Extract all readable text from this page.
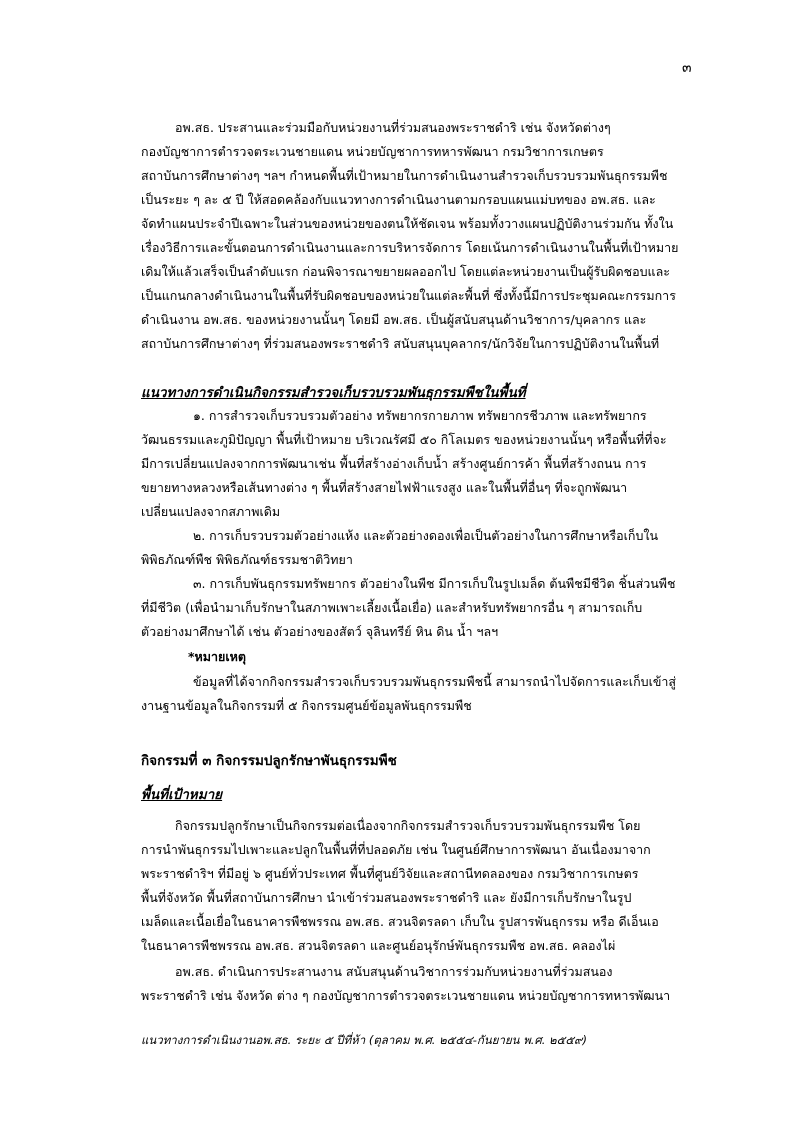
๓
อพ.สธ. ประสานและร่วมมือกับหน่วยงานที่ร่วมสนองพระราชดำริ เช่น จังหวัดต่างๆ
กองบัญชาการตำรวจตระเวนชายแดน หน่วยบัญชาการทหารพัฒนา กรมวิชาการเกษตร
สถาบันการศึกษาต่างๆ ฯลฯ กำหนดพื้นที่เป้าหมายในการดำเนินงานสำรวจเก็บรวบรวมพันธุกรรมพืช
เป็นระยะ ๆ ละ ๕ ปี ให้สอดคล้องกับแนวทางการดำเนินงานตามกรอบแผนแม่บทของ อพ.สธ. และ
จัดทำแผนประจำปีเฉพาะในส่วนของหน่วยของตนให้ชัดเจน พร้อมทั้งวางแผนปฏิบัติงานร่วมกัน ทั้งใน
เรื่องวิธีการและขั้นตอนการดำเนินงานและการบริหารจัดการ โดยเน้นการดำเนินงานในพื้นที่เป้าหมาย
เดิมให้แล้วเสร็จเป็นลำดับแรก ก่อนพิจารณาขยายผลออกไป โดยแต่ละหน่วยงานเป็นผู้รับผิดชอบและ
เป็นแกนกลางดำเนินงานในพื้นที่รับผิดชอบของหน่วยในแต่ละพื้นที่ ซึ่งทั้งนี้มีการประชุมคณะกรรมการ
ดำเนินงาน อพ.สธ. ของหน่วยงานนั้นๆ โดยมี อพ.สธ. เป็นผู้สนับสนุนด้านวิชาการ/บุคลากร และ
สถาบันการศึกษาต่างๆ ที่ร่วมสนองพระราชดำริ สนับสนุนบุคลากร/นักวิจัยในการปฏิบัติงานในพื้นที่
แนวทางการดำเนินกิจกรรมสำรวจเก็บรวบรวมพันธุกรรมพืชในพื้นที่
๑. การสำรวจเก็บรวบรวมตัวอย่าง ทรัพยากรกายภาพ ทรัพยากรชีวภาพ และทรัพยากร
วัฒนธรรมและภูมิปัญญา พื้นที่เป้าหมาย บริเวณรัศมี ๕๐ กิโลเมตร ของหน่วยงานนั้นๆ หรือพื้นที่ที่จะ
มีการเปลี่ยนแปลงจากการพัฒนาเช่น พื้นที่สร้างอ่างเก็บน้ำ สร้างศูนย์การค้า พื้นที่สร้างถนน การ
ขยายทางหลวงหรือเส้นทางต่าง ๆ พื้นที่สร้างสายไฟฟ้าแรงสูง และในพื้นที่อื่นๆ ที่จะถูกพัฒนา
เปลี่ยนแปลงจากสภาพเดิม
๒. การเก็บรวบรวมตัวอย่างแห้ง และตัวอย่างดองเพื่อเป็นตัวอย่างในการศึกษาหรือเก็บใน
พิพิธภัณฑ์พืช พิพิธภัณฑ์ธรรมชาติวิทยา
๓. การเก็บพันธุกรรมทรัพยากร ตัวอย่างในพืช มีการเก็บในรูปเมล็ด ต้นพืชมีชีวิต ชิ้นส่วนพืช
ที่มีชีวิต (เพื่อนำมาเก็บรักษาในสภาพเพาะเลี้ยงเนื้อเยื่อ) และสำหรับทรัพยากรอื่น ๆ สามารถเก็บ
ตัวอย่างมาศึกษาได้ เช่น ตัวอย่างของสัตว์ จุลินทรีย์ หิน ดิน น้ำ ฯลฯ
*หมายเหตุ
ข้อมูลที่ได้จากกิจกรรมสำรวจเก็บรวบรวมพันธุกรรมพืชนี้ สามารถนำไปจัดการและเก็บเข้าสู่
งานฐานข้อมูลในกิจกรรมที่ ๕ กิจกรรมศูนย์ข้อมูลพันธุกรรมพืช
กิจกรรมที่ ๓ กิจกรรมปลูกรักษาพันธุกรรมพืช
พื้นที่เป้าหมาย
กิจกรรมปลูกรักษาเป็นกิจกรรมต่อเนื่องจากกิจกรรมสำรวจเก็บรวบรวมพันธุกรรมพืช โดย
การนำพันธุกรรมไปเพาะและปลูกในพื้นที่ที่ปลอดภัย เช่น ในศูนย์ศึกษาการพัฒนา อันเนื่องมาจาก
พระราชดำริฯ ที่มีอยู่ ๖ ศูนย์ทั่วประเทศ พื้นที่ศูนย์วิจัยและสถานีทดลองของ กรมวิชาการเกษตร
พื้นที่จังหวัด พื้นที่สถาบันการศึกษา นำเข้าร่วมสนองพระราชดำริ และ ยังมีการเก็บรักษาในรูป
เมล็ดและเนื้อเยื่อในธนาคารพืชพรรณ อพ.สธ. สวนจิตรลดา เก็บใน รูปสารพันธุกรรม หรือ ดีเอ็นเอ
ในธนาคารพืชพรรณ อพ.สธ. สวนจิตรลดา และศูนย์อนุรักษ์พันธุกรรมพืช อพ.สธ. คลองไผ่
อพ.สธ. ดำเนินการประสานงาน สนับสนุนด้านวิชาการร่วมกับหน่วยงานที่ร่วมสนอง
พระราชดำริ เช่น จังหวัด ต่าง ๆ กองบัญชาการตำรวจตระเวนชายแดน หน่วยบัญชาการทหารพัฒนา
แนวทางการดำเนินงานอพ.สธ. ระยะ ๕ ปีที่ห้า (ตุลาคม พ.ศ. ๒๕๕๔-กันยายน พ.ศ. ๒๕๕๙)
